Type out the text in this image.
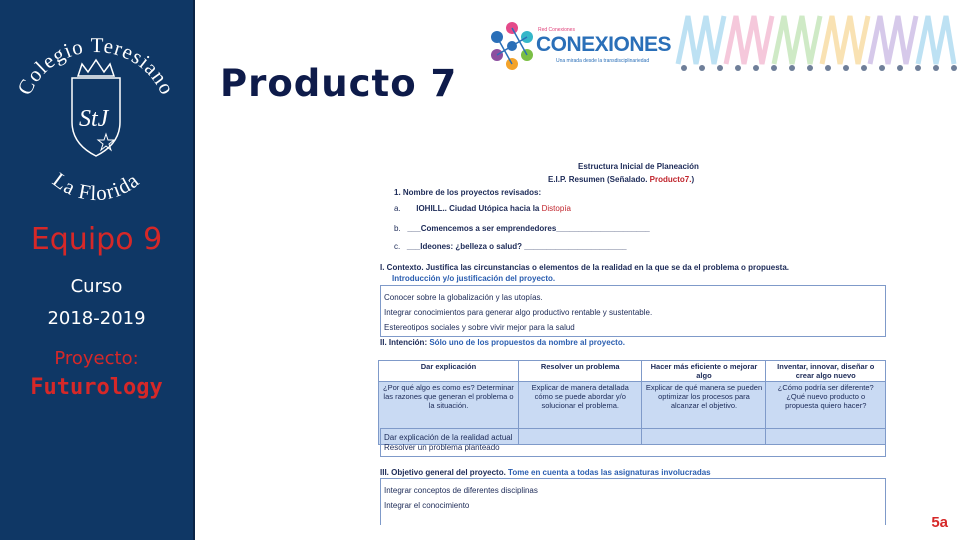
Colegio Teresiano
La Florida
StJ
Equipo 9
Curso
2018-2019
Proyecto:
Futurology
Producto 7
Red Conexiones
CONEXIONES
Una mirada desde la transdisciplinariedad
Estructura Inicial de Planeación
E.I.P. Resumen (Señalado. Producto7.)
1. Nombre de los proyectos revisados:
a. IOHILL.. Ciudad Utópica hacia la Distopía
b. ___Comencemos a ser emprendedores_____________________
c. ___Ideones: ¿belleza o salud? _______________________
I. Contexto. Justifica las circunstancias o elementos de la realidad en la que se da el problema o propuesta.
Introducción y/o justificación del proyecto.
Conocer sobre la globalización y las utopías.
Integrar conocimientos para generar algo productivo rentable y sustentable.
Estereotipos sociales y sobre vivir mejor para la salud
II. Intención: Sólo uno de los propuestos da nombre al proyecto.
Dar explicación	Resolver un problema	Hacer más eficiente o mejorar algo	Inventar, innovar, diseñar o crear algo nuevo
¿Por qué algo es como es? Determinar las razones que generan el problema o la situación.	Explicar de manera detallada cómo se puede abordar y/o solucionar el problema.	Explicar de qué manera se pueden optimizar los procesos para alcanzar el objetivo.	¿Cómo podría ser diferente? ¿Qué nuevo producto o propuesta quiero hacer?
Dar explicación de la realidad actual
Resolver un problema planteado
III. Objetivo general del proyecto. Tome en cuenta a todas las asignaturas involucradas
Integrar conceptos de diferentes disciplinas
Integrar el conocimiento
5a
